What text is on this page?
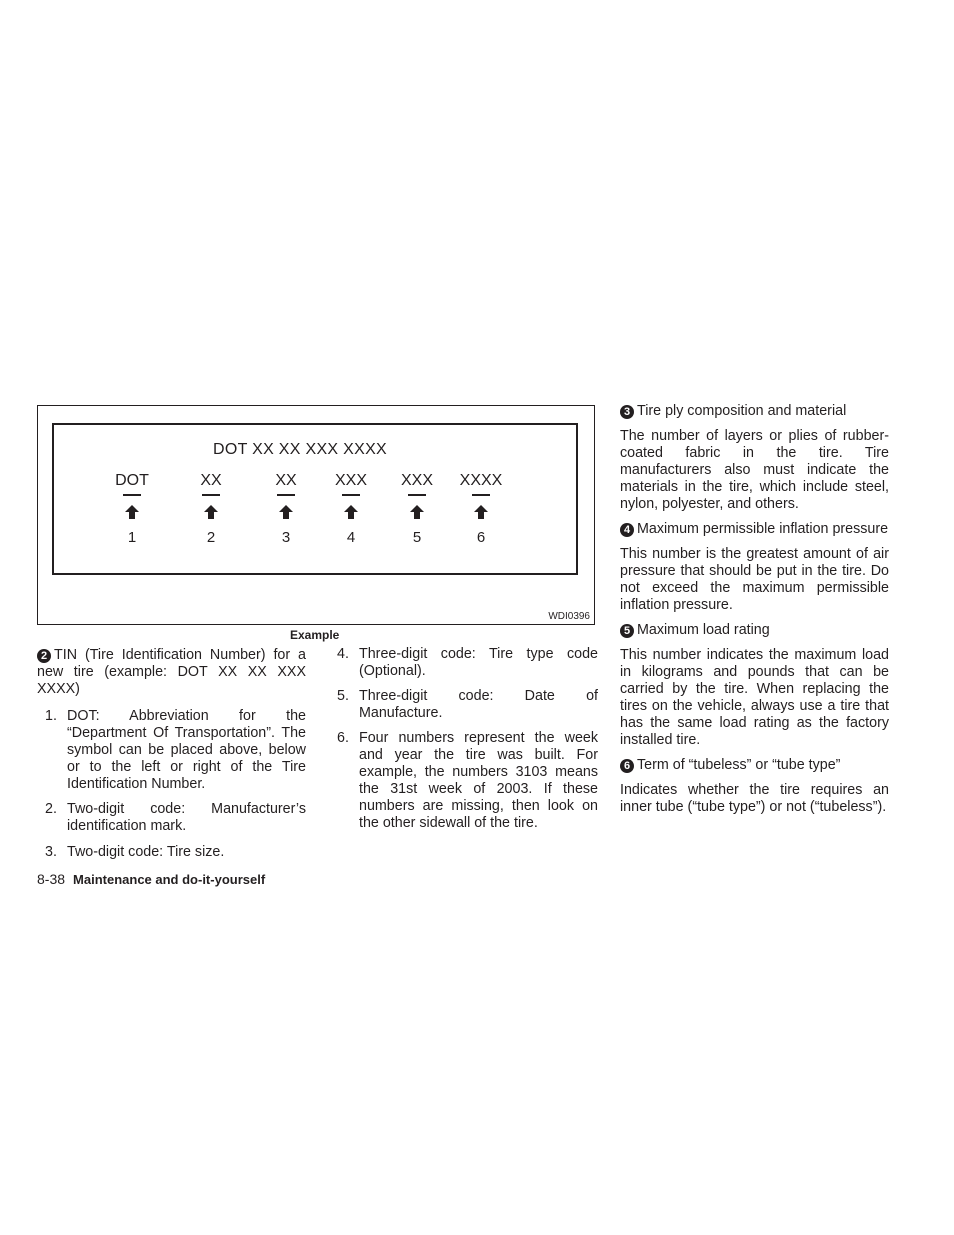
DOT XX XX XXX XXXX
DOT
1
XX
2
XX
3
XXX
4
XXX
5
XXXX
6
WDI0396
Example

2 TIN (Tire Identification Number) for a new tire (example: DOT XX XX XXX XXXX)

1. DOT: Abbreviation for the “Department Of Transportation”. The symbol can be placed above, below or to the left or right of the Tire Identification Number.
2. Two-digit code: Manufacturer’s identification mark.
3. Two-digit code: Tire size.
4. Three-digit code: Tire type code (Optional).
5. Three-digit code: Date of Manufacture.
6. Four numbers represent the week and year the tire was built. For example, the numbers 3103 means the 31st week of 2003. If these numbers are missing, then look on the other sidewall of the tire.

3 Tire ply composition and material

The number of layers or plies of rubber-coated fabric in the tire. Tire manufacturers also must indicate the materials in the tire, which include steel, nylon, polyester, and others.

4 Maximum permissible inflation pressure

This number is the greatest amount of air pressure that should be put in the tire. Do not exceed the maximum permissible inflation pressure.

5 Maximum load rating

This number indicates the maximum load in kilograms and pounds that can be carried by the tire. When replacing the tires on the vehicle, always use a tire that has the same load rating as the factory installed tire.

6 Term of “tubeless” or “tube type”

Indicates whether the tire requires an inner tube (“tube type”) or not (“tubeless”).

8-38 Maintenance and do-it-yourself
